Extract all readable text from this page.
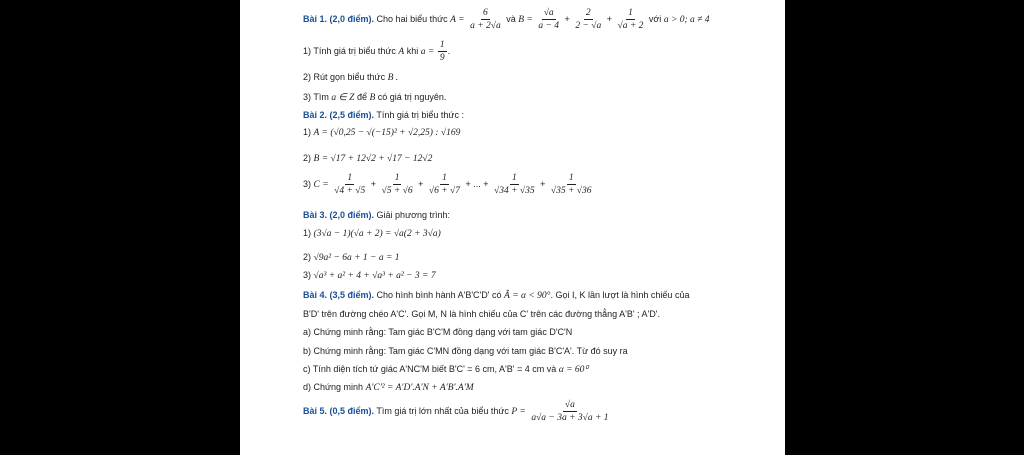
Bài 1. (2,0 điểm). Cho hai biểu thức $A = \frac{6}{a + 2√a}$ và $B = \frac{√a}{a - 4} + \frac{2}{2 - √a} + \frac{1}{√a + 2}$ với a > 0; a ≠ 4
1) Tính giá trị biểu thức A khi $a = \frac{1}{9}$ .
2) Rút gọn biểu thức B .
3) Tìm a ∈ Z để B có giá trị nguyên.
Bài 2. (2,5 điểm). Tính giá trị biểu thức :
1) A = (√0,25 − √(−15)² + √2,25) : √169
2) B = √17 + 12√2 + √17 − 12√2
3) $C = \frac{1}{√4 + √5} + \frac{1}{√5 + √6} + \frac{1}{√6 + √7}$ + ... + $\frac{1}{√34 + √35} + \frac{1}{√35 + √36}$
Bài 3. (2,0 điểm). Giải phương trình:
1) (3√a − 1)(√a + 2) = √a(2 + 3√a)
2) √9a² − 6a + 1 − a = 1
3) √a³ + a² + 4 + √a³ + a² − 3 = 7
Bài 4. (3,5 điểm). Cho hình bình hành A'B'C'D' có Â = α < 90°. Gọi I, K lần lượt là hình chiếu của
B'D' trên đường chéo A'C'. Gọi M, N là hình chiếu của C' trên các đường thẳng A'B' ; A'D'.
a) Chứng minh rằng: Tam giác B'C'M đồng dạng với tam giác D'C'N
b) Chứng minh rằng: Tam giác C'MN đồng dạng với tam giác B'C'A'. Từ đó suy ra
c) Tính diện tích tứ giác A'NC'M biết B'C' = 6 cm, A'B' = 4 cm và α = 60⁰
d) Chứng minh A'C'² = A'D'.A'N + A'B'.A'M
Bài 5. (0,5 điểm). Tìm giá trị lớn nhất của biểu thức $P = \frac{√a}{a√a - 3a + 3√a + 1}$
